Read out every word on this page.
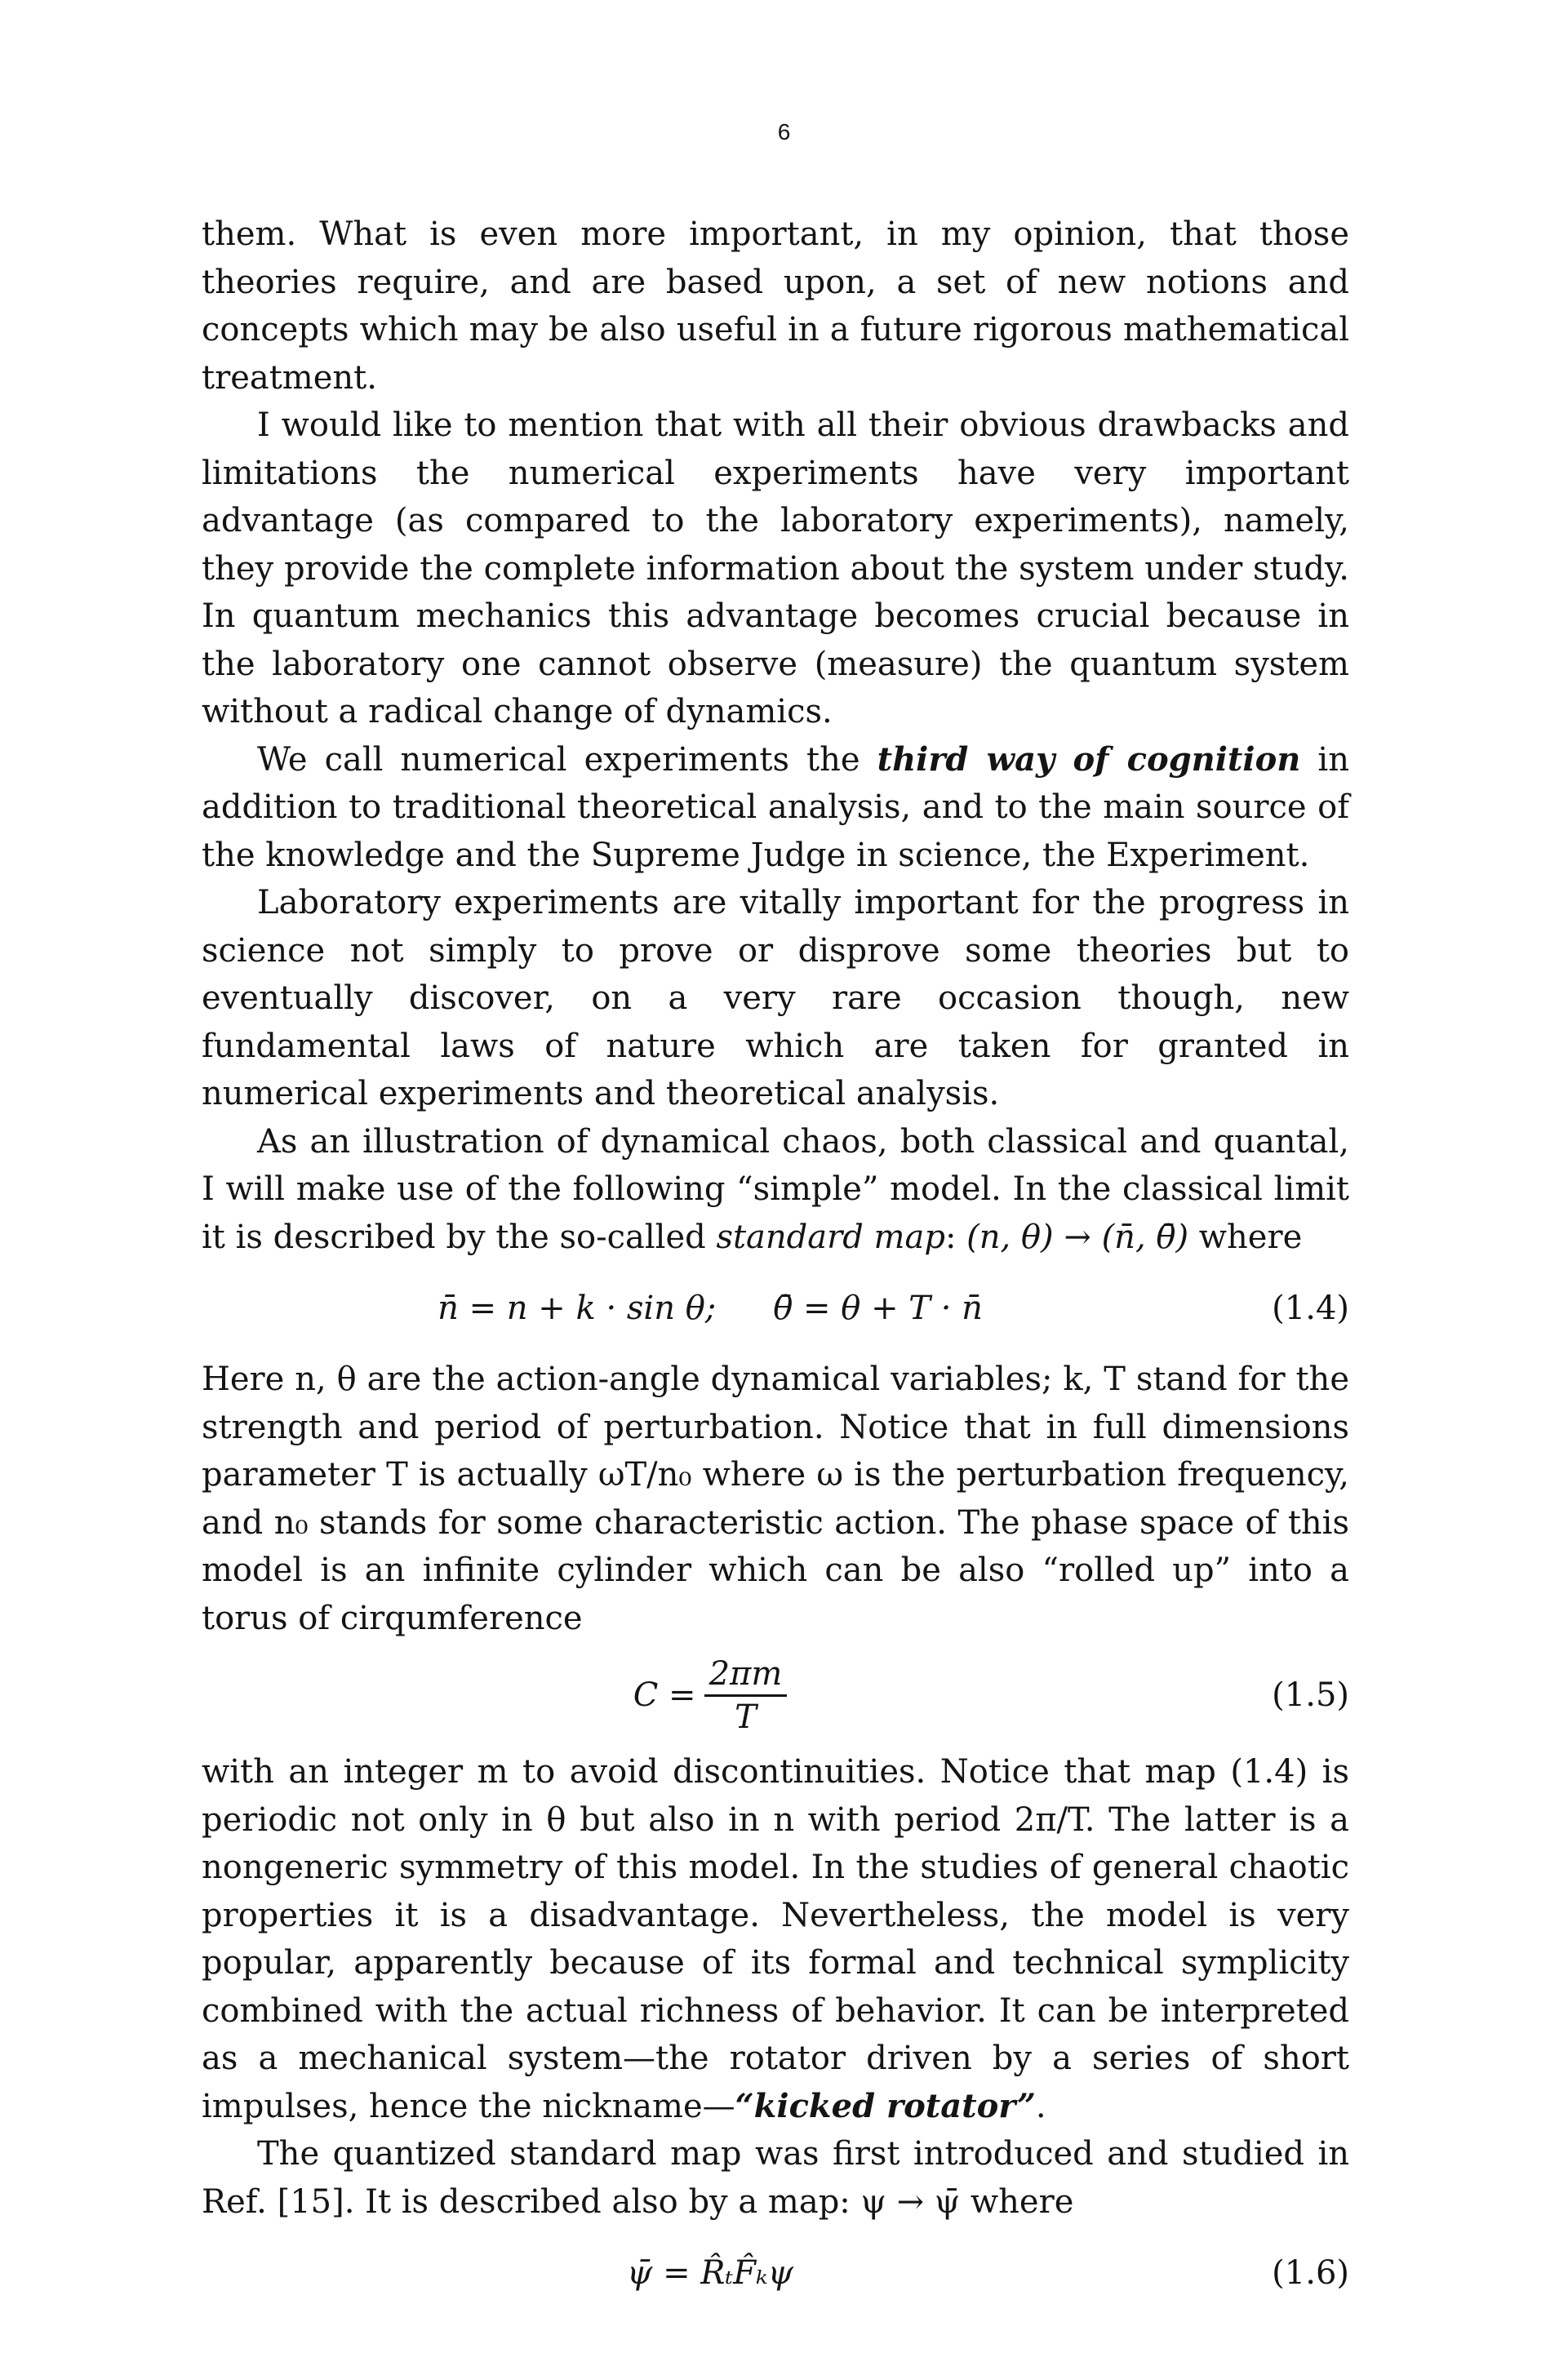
6

them. What is even more important, in my opinion, that those theories require, and are based upon, a set of new notions and concepts which may be also useful in a future rigorous mathematical treatment.

I would like to mention that with all their obvious drawbacks and limitations the numerical experiments have very important advantage (as compared to the laboratory experiments), namely, they provide the complete information about the system under study. In quantum mechanics this advantage becomes crucial because in the laboratory one cannot observe (measure) the quantum system without a radical change of dynamics.

We call numerical experiments the third way of cognition in addition to traditional theoretical analysis, and to the main source of the knowledge and the Supreme Judge in science, the Experiment.

Laboratory experiments are vitally important for the progress in science not simply to prove or disprove some theories but to eventually discover, on a very rare occasion though, new fundamental laws of nature which are taken for granted in numerical experiments and theoretical analysis.

As an illustration of dynamical chaos, both classical and quantal, I will make use of the following “simple” model. In the classical limit it is described by the so-called standard map: (n, θ) → (n̄, θ̄) where

n̄ = n + k · sin θ; θ̄ = θ + T · n̄	(1.4)

Here n, θ are the action-angle dynamical variables; k, T stand for the strength and period of perturbation. Notice that in full dimensions parameter T is actually ωT/n₀ where ω is the perturbation frequency, and n₀ stands for some characteristic action. The phase space of this model is an infinite cylinder which can be also “rolled up” into a torus of cirqumference

$C = \frac{2\pi m}{T}$	(1.5)

with an integer m to avoid discontinuities. Notice that map (1.4) is periodic not only in θ but also in n with period 2π/T. The latter is a nongeneric symmetry of this model. In the studies of general chaotic properties it is a disadvantage. Nevertheless, the model is very popular, apparently because of its formal and technical symplicity combined with the actual richness of behavior. It can be interpreted as a mechanical system—the rotator driven by a series of short impulses, hence the nickname—“kicked rotator”.

The quantized standard map was first introduced and studied in Ref. [15]. It is described also by a map: ψ → ψ̄ where

ψ̄ = R̂ₜF̂ₖψ	(1.6)
